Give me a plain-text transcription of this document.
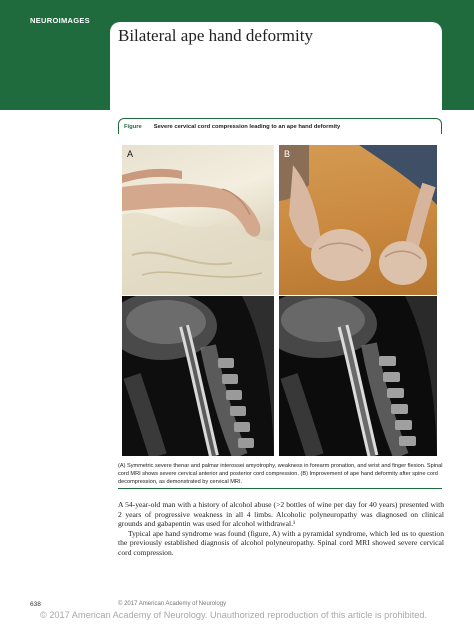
NEUROIMAGES
Bilateral ape hand deformity
Figure Severe cervical cord compression leading to an ape hand deformity
A	B
(A) Symmetric severe thenar and palmar interossei amyotrophy, weakness in forearm pronation, and wrist and finger flexion. Spinal cord MRI shows severe cervical anterior and posterior cord compression. (B) Improvement of ape hand deformity after spine cord decompression, as demonstrated by cervical MRI.

A 54-year-old man with a history of alcohol abuse (>2 bottles of wine per day for 40 years) presented with 2 years of progressive weakness in all 4 limbs. Alcoholic polyneuropathy was diagnosed on clinical grounds and gabapentin was used for alcohol withdrawal.¹

Typical ape hand syndrome was found (figure, A) with a pyramidal syndrome, which led us to question the previously established diagnosis of alcohol polyneuropathy. Spinal cord MRI showed severe cervical cord compression.

638	© 2017 American Academy of Neurology
© 2017 American Academy of Neurology. Unauthorized reproduction of this article is prohibited.
